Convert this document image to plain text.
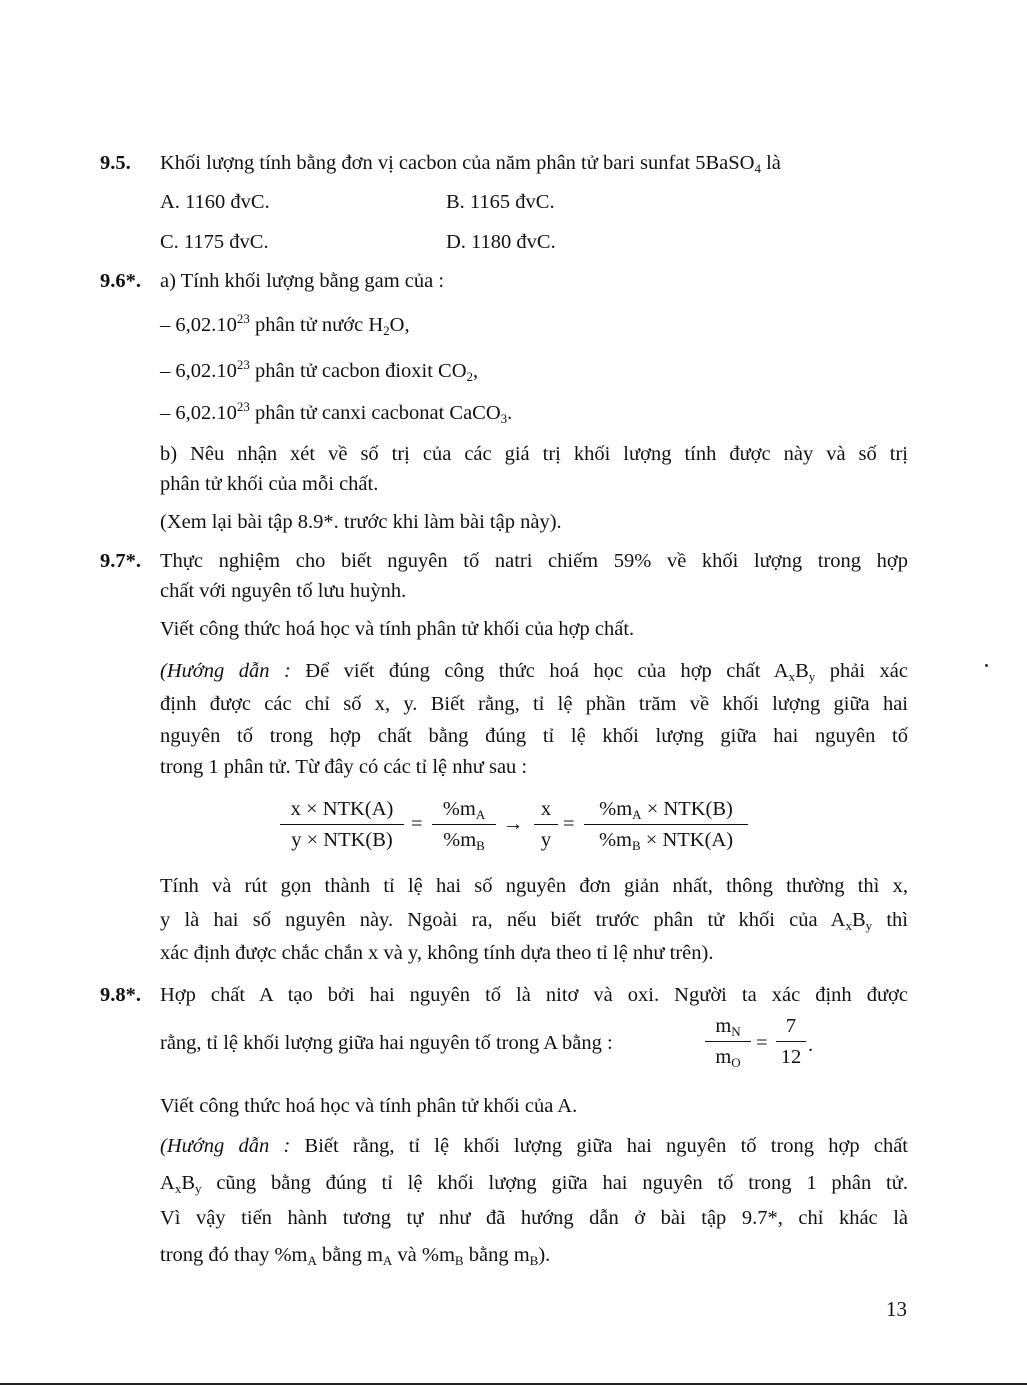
9.5. Khối lượng tính bằng đơn vị cacbon của năm phân tử bari sunfat 5BaSO$_4$ là
A. 1160 đvC.	B. 1165 đvC.
C. 1175 đvC.	D. 1180 đvC.
9.6*. a) Tính khối lượng bằng gam của :
– 6,02.10$^{23}$ phân tử nước $H_2O$,
– 6,02.10$^{23}$ phân tử cacbon đioxit $CO_2$,
– 6,02.10$^{23}$ phân tử canxi cacbonat CaCO$_3$.
b) Nêu nhận xét về số trị của các giá trị khối lượng tính được này và số trị
phân tử khối của mỗi chất.
(Xem lại bài tập 8.9*. trước khi làm bài tập này).
9.7*. Thực nghiệm cho biết nguyên tố natri chiếm 59% về khối lượng trong hợp
chất với nguyên tố lưu huỳnh.
Viết công thức hoá học và tính phân tử khối của hợp chất.
(Hướng dẫn : Để viết đúng công thức hoá học của hợp chất $A_xB_y$ phải xác
định được các chỉ số x, y. Biết rằng, tỉ lệ phần trăm về khối lượng giữa hai
nguyên tố trong hợp chất bằng đúng tỉ lệ khối lượng giữa hai nguyên tố
trong 1 phân tử. Từ đây có các tỉ lệ như sau :
x × NTK(A)
y × NTK(B)
= $\frac{\%m_A}{\%m_B} \to \frac{x}{y}$ =
$\%m_A \times NTK(B)$
$\%m_B \times NTK(A)$
Tính và rút gọn thành tỉ lệ hai số nguyên đơn giản nhất, thông thường thì x,
y là hai số nguyên này. Ngoài ra, nếu biết trước phân tử khối của $A_xB_y$ thì
xác định được chắc chắn x và y, không tính dựa theo tỉ lệ như trên).
9.8*. Hợp chất A tạo bởi hai nguyên tố là nitơ và oxi. Người ta xác định được
rằng, tỉ lệ khối lượng giữa hai nguyên tố trong A bằng :	$\frac{m_N}{m_O} = \frac{7}{12}$ .
Viết công thức hoá học và tính phân tử khối của A.
(Hướng dẫn : Biết rằng, tỉ lệ khối lượng giữa hai nguyên tố trong hợp chất
$A_xB_y$ cũng bằng đúng tỉ lệ khối lượng giữa hai nguyên tố trong 1 phân tử.
Vì vậy tiến hành tương tự như đã hướng dẫn ở bài tập 9.7*, chỉ khác là
trong đó thay $\%m_A$ bằng $m_A$ và $\%m_B$ bằng $m_B$).
13
